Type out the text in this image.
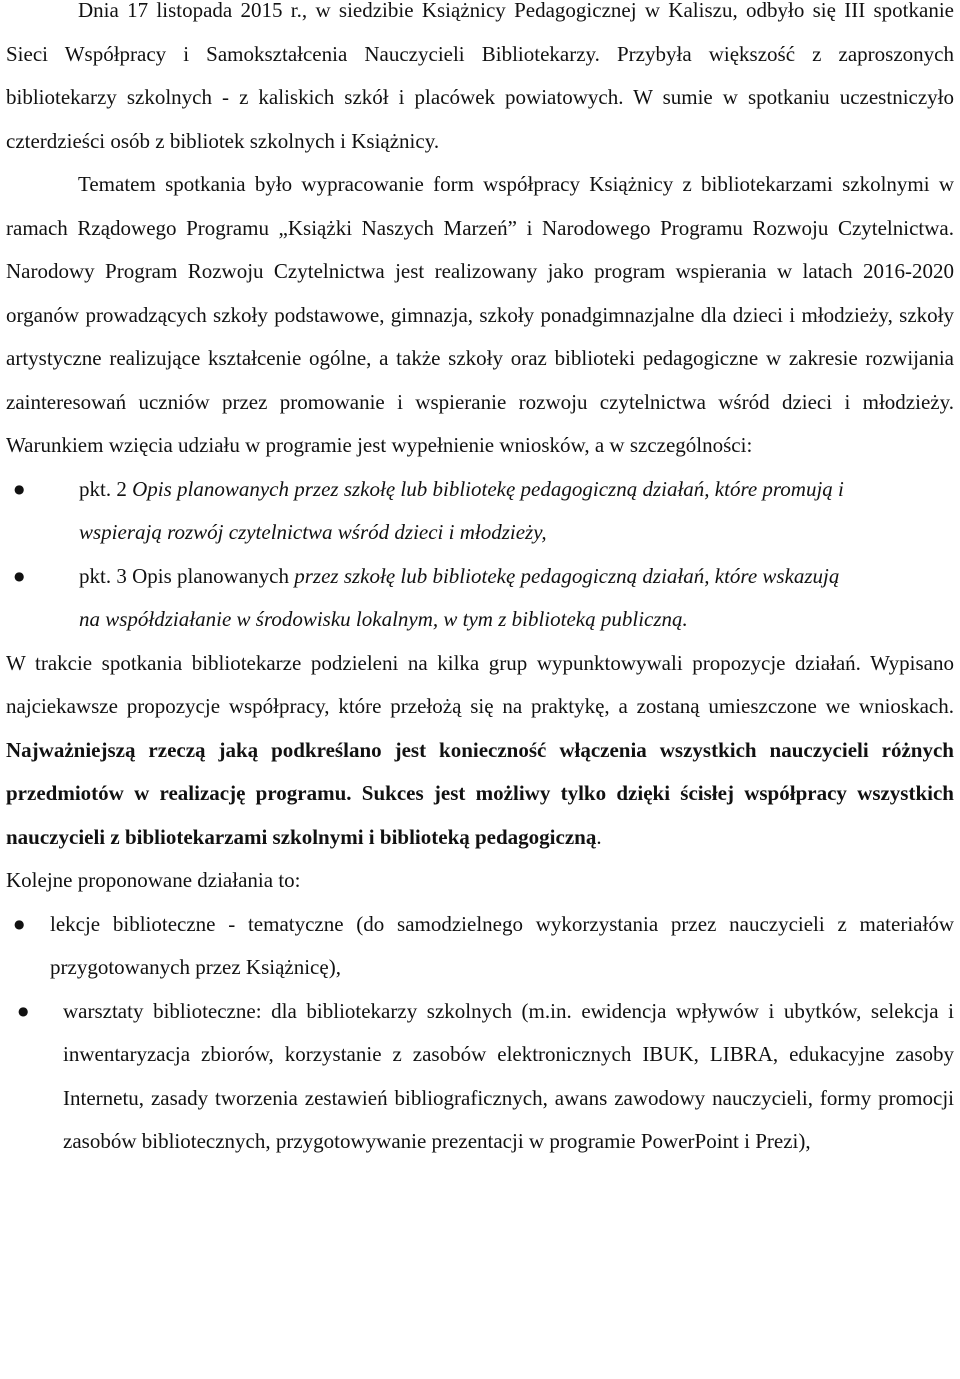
Dnia 17 listopada 2015 r., w siedzibie Książnicy Pedagogicznej w Kaliszu, odbyło się III spotkanie Sieci Współpracy i Samokształcenia Nauczycieli Bibliotekarzy. Przybyła większość z zaproszonych bibliotekarzy szkolnych - z kaliskich szkół i placówek powiatowych. W sumie w spotkaniu uczestniczyło czterdzieści osób z bibliotek szkolnych i Książnicy.

Tematem spotkania było wypracowanie form współpracy Książnicy z bibliotekarzami szkolnymi w ramach Rządowego Programu „Książki Naszych Marzeń” i Narodowego Programu Rozwoju Czytelnictwa. Narodowy Program Rozwoju Czytelnictwa jest realizowany jako program wspierania w latach 2016-2020 organów prowadzących szkoły podstawowe, gimnazja, szkoły ponadgimnazjalne dla dzieci i młodzieży, szkoły artystyczne realizujące kształcenie ogólne, a także szkoły oraz biblioteki pedagogiczne w zakresie rozwijania zainteresowań uczniów przez promowanie i wspieranie rozwoju czytelnictwa wśród dzieci i młodzieży. Warunkiem wzięcia udziału w programie jest wypełnienie wniosków, a w szczególności:

●	pkt. 2 Opis planowanych przez szkołę lub bibliotekę pedagogiczną działań, które promują i wspierają rozwój czytelnictwa wśród dzieci i młodzieży,
●	pkt. 3 Opis planowanych przez szkołę lub bibliotekę pedagogiczną działań, które wskazują na współdziałanie w środowisku lokalnym, w tym z biblioteką publiczną.

W trakcie spotkania bibliotekarze podzieleni na kilka grup wypunktowywali propozycje działań. Wypisano najciekawsze propozycje współpracy, które przełożą się na praktykę, a zostaną umieszczone we wnioskach. Najważniejszą rzeczą jaką podkreślano jest konieczność włączenia wszystkich nauczycieli różnych przedmiotów w realizację programu. Sukces jest możliwy tylko dzięki ścisłej współpracy wszystkich nauczycieli z bibliotekarzami szkolnymi i biblioteką pedagogiczną.

Kolejne proponowane działania to:

● lekcje biblioteczne - tematyczne (do samodzielnego wykorzystania przez nauczycieli z materiałów przygotowanych przez Książnicę),
● warsztaty biblioteczne: dla bibliotekarzy szkolnych (m.in. ewidencja wpływów i ubytków, selekcja i inwentaryzacja zbiorów, korzystanie z zasobów elektronicznych IBUK, LIBRA, edukacyjne zasoby Internetu, zasady tworzenia zestawień bibliograficznych, awans zawodowy nauczycieli, formy promocji zasobów bibliotecznych, przygotowywanie prezentacji w programie PowerPoint i Prezi),
